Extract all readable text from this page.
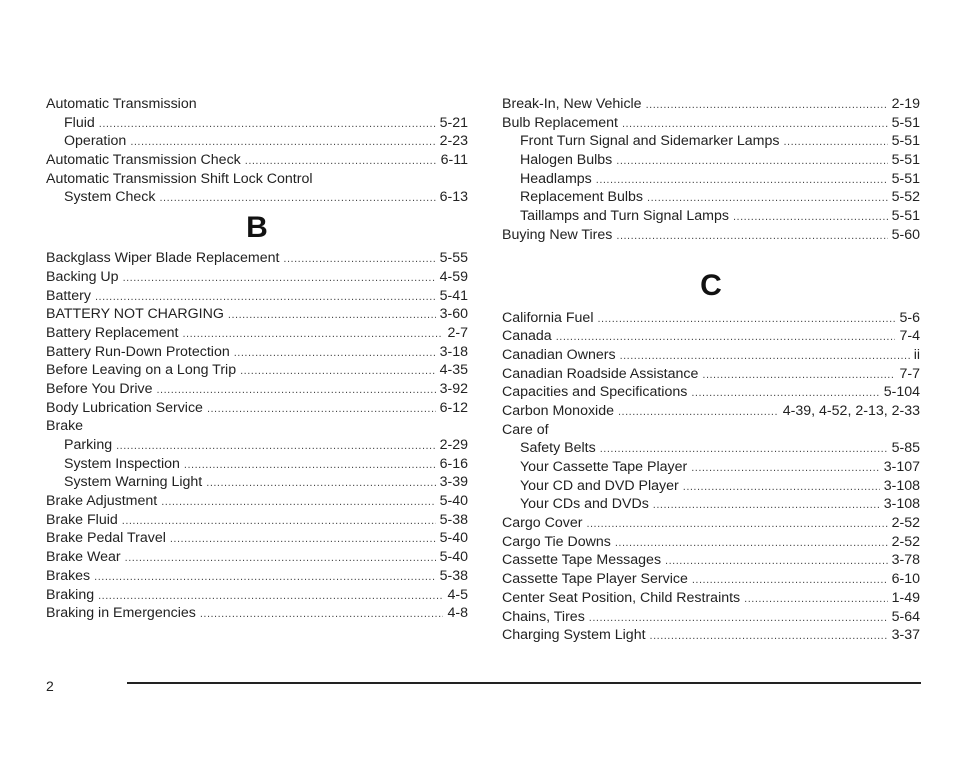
Automatic Transmission
Fluid .....	5-21
Operation .....	2-23
Automatic Transmission Check .....	6-11
Automatic Transmission Shift Lock Control
System Check .....	6-13
B
Backglass Wiper Blade Replacement .....	5-55
Backing Up .....	4-59
Battery .....	5-41
BATTERY NOT CHARGING .....	3-60
Battery Replacement .....	2-7
Battery Run-Down Protection .....	3-18
Before Leaving on a Long Trip .....	4-35
Before You Drive .....	3-92
Body Lubrication Service .....	6-12
Brake
Parking .....	2-29
System Inspection .....	6-16
System Warning Light .....	3-39
Brake Adjustment .....	5-40
Brake Fluid .....	5-38
Brake Pedal Travel .....	5-40
Brake Wear .....	5-40
Brakes .....	5-38
Braking .....	4-5
Braking in Emergencies .....	4-8
Break-In, New Vehicle .....	2-19
Bulb Replacement .....	5-51
Front Turn Signal and Sidemarker Lamps .....	5-51
Halogen Bulbs .....	5-51
Headlamps .....	5-51
Replacement Bulbs .....	5-52
Taillamps and Turn Signal Lamps .....	5-51
Buying New Tires .....	5-60
C
California Fuel .....	5-6
Canada .....	7-4
Canadian Owners .....	ii
Canadian Roadside Assistance .....	7-7
Capacities and Specifications .....	5-104
Carbon Monoxide .....	4-39, 4-52, 2-13, 2-33
Care of
Safety Belts .....	5-85
Your Cassette Tape Player .....	3-107
Your CD and DVD Player .....	3-108
Your CDs and DVDs .....	3-108
Cargo Cover .....	2-52
Cargo Tie Downs .....	2-52
Cassette Tape Messages .....	3-78
Cassette Tape Player Service .....	6-10
Center Seat Position, Child Restraints .....	1-49
Chains, Tires .....	5-64
Charging System Light .....	3-37
2
